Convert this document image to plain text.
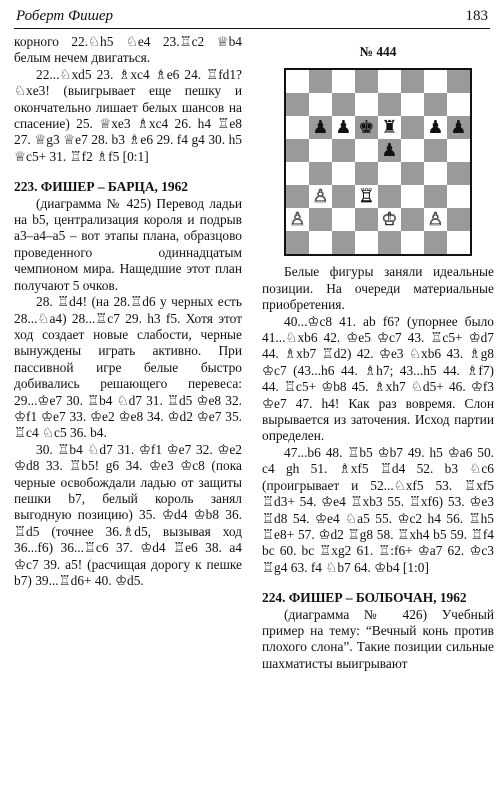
Роберт Фишер	183

корного 22.♘h5 ♘e4 23.♖c2 ♕b4 белым нечем двигаться.

22...♘xd5 23. ♗xc4 ♗e6 24. ♖fd1? ♘xe3! (выигрывает еще пешку и окончательно лишает белых шансов на спасение) 25. ♕xe3 ♗xc4 26. h4 ♖e8 27. ♕g3 ♕e7 28. b3 ♗e6 29. f4 g4 30. h5 ♕c5+ 31. ♖f2 ♗f5 [0:1]

223. ФИШЕР – БАРЦА, 1962

(диаграмма № 425) Перевод ладьи на b5, централизация короля и подрыв a3–a4–a5 – вот этапы плана, образцово проведенного одиннадцатым чемпионом мира. Нащедшие этот план получают 5 очков.

28. ♖d4! (на 28.♖d6 у черных есть 28...♘a4) 28...♖c7 29. h3 f5. Хотя этот ход создает новые слабости, черные вынуждены играть активно. При пассивной игре белые быстро добивались решающего перевеса: 29...♔e7 30. ♖b4 ♘d7 31. ♖d5 ♔e8 32. ♔f1 ♔e7 33. ♔e2 ♔e8 34. ♔d2 ♔e7 35. ♖c4 ♘c5 36. b4.

30. ♖b4 ♘d7 31. ♔f1 ♔e7 32. ♔e2 ♔d8 33. ♖b5! g6 34. ♔e3 ♔c8 (пока черные освобождали ладью от защиты пешки b7, белый король занял выгодную позицию) 35. ♔d4 ♔b8 36. ♖d5 (точнее 36.♗d5, вызывая ход 36...f6) 36...♖c6 37. ♔d4 ♖e6 38. a4 ♔c7 39. a5! (расчищая дорогу к пешке b7) 39...♖d6+ 40. ♔d5.

№ 444

♟ ♟ ♚ ♜ ♟ ♟
♟
♙ ♖
♙	♔ ♙

Белые фигуры заняли идеальные позиции. На очереди материальные приобретения.

40...♔c8 41. ab f6? (упорнее было 41...♘xb6 42. ♔e5 ♔c7 43. ♖c5+ ♔d7 44. ♗xb7 ♖d2) 42. ♔e3 ♘xb6 43. ♗g8 ♔c7 (43...h6 44. ♗h7; 43...h5 44. ♗f7) 44. ♖c5+ ♔b8 45. ♗xh7 ♘d5+ 46. ♔f3 ♔e7 47. h4! Как раз вовремя. Слон вырывается из заточения. Исход партии определен.

47...b6 48. ♖b5 ♔b7 49. h5 ♔a6 50. c4 gh 51. ♗xf5 ♖d4 52. b3 ♘c6 (проигрывает и 52...♘xf5 53. ♖xf5 ♖d3+ 54. ♔e4 ♖xb3 55. ♖xf6) 53. ♔e3 ♖d8 54. ♔e4 ♘a5 55. ♔c2 h4 56. ♖h5 ♖e8+ 57. ♔d2 ♖g8 58. ♖xh4 b5 59. ♖f4 bc 60. bc ♖xg2 61. ♖:f6+ ♔a7 62. ♔c3 ♖g4 63. f4 ♘b7 64. ♔b4 [1:0]

224. ФИШЕР – БОЛБОЧАН, 1962

(диаграмма № 426) Учебный пример на тему: “Вечный конь против плохого слона”. Такие позиции сильные шахматисты выигрывают
